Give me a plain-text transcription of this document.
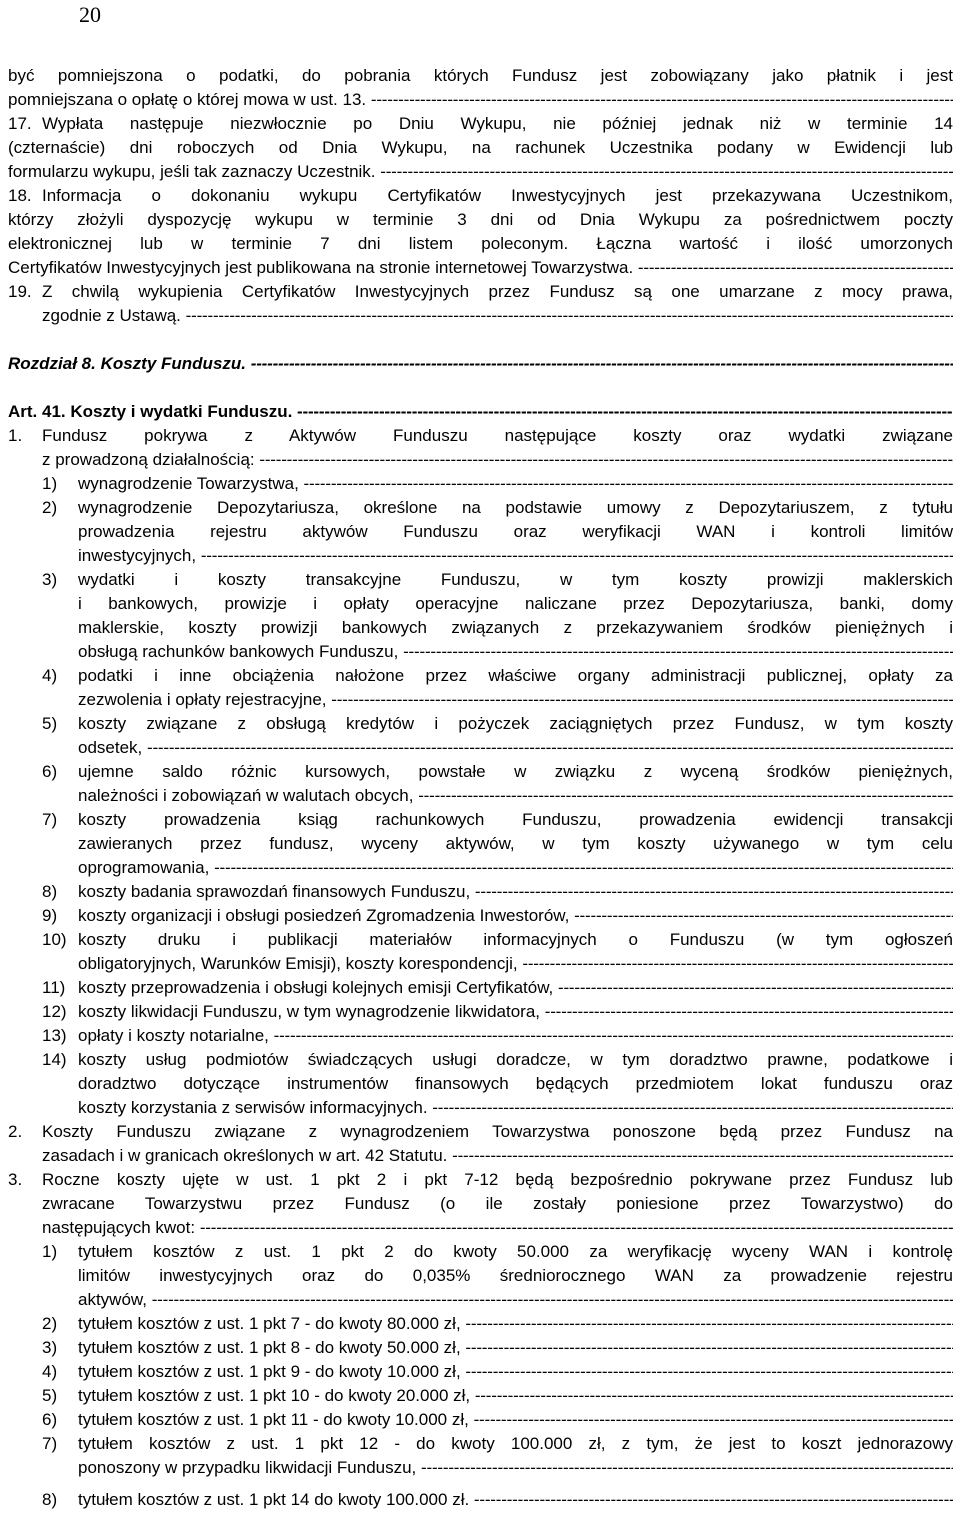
20
być pomniejszona o podatki, do pobrania których Fundusz jest zobowiązany jako płatnik i jest
pomniejszana o opłatę o której mowa w ust. 13.
-----
17. Wypłata następuje niezwłocznie po Dniu Wykupu, nie później jednak niż w terminie 14
(czternaście) dni roboczych od Dnia Wykupu, na rachunek Uczestnika podany w Ewidencji lub
formularzu wykupu, jeśli tak zaznaczy Uczestnik.
-----
18. Informacja o dokonaniu wykupu Certyfikatów Inwestycyjnych jest przekazywana Uczestnikom,
którzy złożyli dyspozycję wykupu w terminie 3 dni od Dnia Wykupu za pośrednictwem poczty
elektronicznej lub w terminie 7 dni listem poleconym. Łączna wartość i ilość umorzonych
Certyfikatów Inwestycyjnych jest publikowana na stronie internetowej Towarzystwa.
-----
19. Z chwilą wykupienia Certyfikatów Inwestycyjnych przez Fundusz są one umarzane z mocy prawa,
zgodnie z Ustawą.
-----
Rozdział 8. Koszty Funduszu.
-----
Art. 41. Koszty i wydatki Funduszu.
-----
1.	Fundusz pokrywa z Aktywów Funduszu następujące koszty oraz wydatki związane
z prowadzoną działalnością:
-----
1)	wynagrodzenie Towarzystwa,
-----
2)	wynagrodzenie Depozytariusza, określone na podstawie umowy z Depozytariuszem, z tytułu
prowadzenia rejestru aktywów Funduszu oraz weryfikacji WAN i kontroli limitów
inwestycyjnych,
-----
3)	wydatki i koszty transakcyjne Funduszu, w tym koszty prowizji maklerskich
i bankowych, prowizje i opłaty operacyjne naliczane przez Depozytariusza, banki, domy
maklerskie, koszty prowizji bankowych związanych z przekazywaniem środków pieniężnych i
obsługą rachunków bankowych Funduszu,
-----
4)	podatki i inne obciążenia nałożone przez właściwe organy administracji publicznej, opłaty za
zezwolenia i opłaty rejestracyjne,
-----
5)	koszty związane z obsługą kredytów i pożyczek zaciągniętych przez Fundusz, w tym koszty
odsetek,
-----
6)	ujemne saldo różnic kursowych, powstałe w związku z wyceną środków pieniężnych,
należności i zobowiązań w walutach obcych,
-----
7)	koszty prowadzenia ksiąg rachunkowych Funduszu, prowadzenia ewidencji transakcji
zawieranych przez fundusz, wyceny aktywów, w tym koszty używanego w tym celu
oprogramowania,
-----
8)	koszty badania sprawozdań finansowych Funduszu,
-----
9)	koszty organizacji i obsługi posiedzeń Zgromadzenia Inwestorów,
-----
10) koszty druku i publikacji materiałów informacyjnych o Funduszu (w tym ogłoszeń
obligatoryjnych, Warunków Emisji), koszty korespondencji,
-----
11) koszty przeprowadzenia i obsługi kolejnych emisji Certyfikatów,
-----
12) koszty likwidacji Funduszu, w tym wynagrodzenie likwidatora,
-----
13) opłaty i koszty notarialne,
-----
14) koszty usług podmiotów świadczących usługi doradcze, w tym doradztwo prawne, podatkowe i
doradztwo dotyczące instrumentów finansowych będących przedmiotem lokat funduszu oraz
koszty korzystania z serwisów informacyjnych.
-----
2.	Koszty Funduszu związane z wynagrodzeniem Towarzystwa ponoszone będą przez Fundusz na
zasadach i w granicach określonych w art. 42 Statutu.
-----
3.	Roczne koszty ujęte w ust. 1 pkt 2 i pkt 7-12 będą bezpośrednio pokrywane przez Fundusz lub
zwracane Towarzystwu przez Fundusz (o ile zostały poniesione przez Towarzystwo) do
następujących kwot:
-----
1)	tytułem kosztów z ust. 1 pkt 2 do kwoty 50.000 za weryfikację wyceny WAN i kontrolę
limitów inwestycyjnych oraz do 0,035% średniorocznego WAN za prowadzenie rejestru
aktywów,
-----
2)	tytułem kosztów z ust. 1 pkt 7 - do kwoty 80.000 zł,
-----
3)	tytułem kosztów z ust. 1 pkt 8 - do kwoty 50.000 zł,
-----
4)	tytułem kosztów z ust. 1 pkt 9 - do kwoty 10.000 zł,
-----
5)	tytułem kosztów z ust. 1 pkt 10 - do kwoty 20.000 zł,
-----
6)	tytułem kosztów z ust. 1 pkt 11 - do kwoty 10.000 zł,
-----
7)	tytułem kosztów z ust. 1 pkt 12 - do kwoty 100.000 zł, z tym, że jest to koszt jednorazowy
ponoszony w przypadku likwidacji Funduszu,
-----
8)	tytułem kosztów z ust. 1 pkt 14 do kwoty 100.000 zł.
-----
